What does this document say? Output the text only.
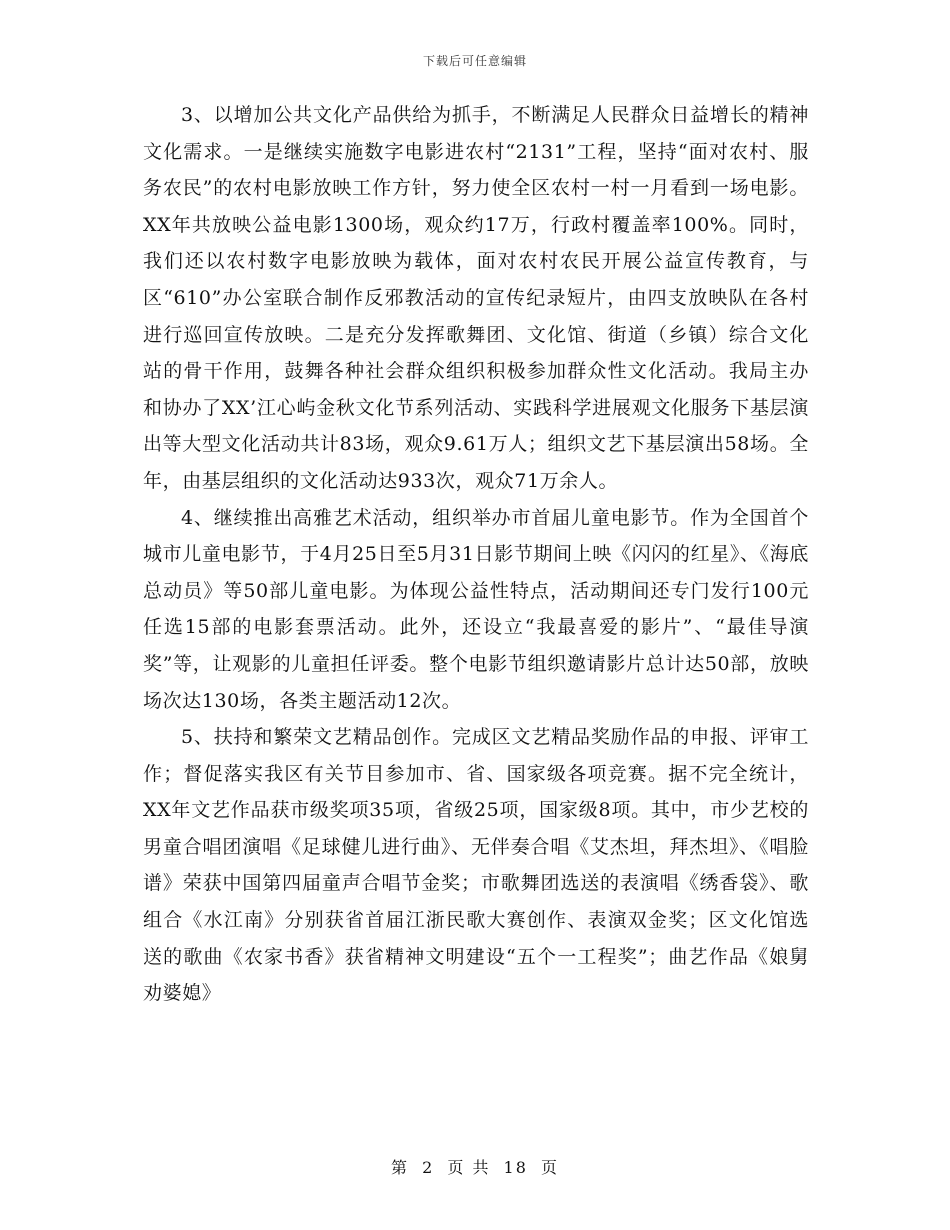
下载后可任意编辑

3、以增加公共文化产品供给为抓手，不断满足人民群众日益增长的精神文化需求。一是继续实施数字电影进农村“2131”工程，坚持“面对农村、服务农民”的农村电影放映工作方针，努力使全区农村一村一月看到一场电影。XX年共放映公益电影1300场，观众约17万，行政村覆盖率100%。同时，我们还以农村数字电影放映为载体，面对农村农民开展公益宣传教育，与区“610”办公室联合制作反邪教活动的宣传纪录短片，由四支放映队在各村进行巡回宣传放映。二是充分发挥歌舞团、文化馆、街道（乡镇）综合文化站的骨干作用，鼓舞各种社会群众组织积极参加群众性文化活动。我局主办和协办了XX’江心屿金秋文化节系列活动、实践科学进展观文化服务下基层演出等大型文化活动共计83场，观众9.61万人；组织文艺下基层演出58场。全年，由基层组织的文化活动达933次，观众71万余人。

4、继续推出高雅艺术活动，组织举办市首届儿童电影节。作为全国首个城市儿童电影节，于4月25日至5月31日影节期间上映《闪闪的红星》、《海底总动员》等50部儿童电影。为体现公益性特点，活动期间还专门发行100元任选15部的电影套票活动。此外，还设立“我最喜爱的影片”、“最佳导演奖”等，让观影的儿童担任评委。整个电影节组织邀请影片总计达50部，放映场次达130场，各类主题活动12次。

5、扶持和繁荣文艺精品创作。完成区文艺精品奖励作品的申报、评审工作；督促落实我区有关节目参加市、省、国家级各项竞赛。据不完全统计，XX年文艺作品获市级奖项35项，省级25项，国家级8项。其中，市少艺校的男童合唱团演唱《足球健儿进行曲》、无伴奏合唱《艾杰坦，拜杰坦》、《唱脸谱》荣获中国第四届童声合唱节金奖；市歌舞团选送的表演唱《绣香袋》、歌组合《水江南》分别获省首届江浙民歌大赛创作、表演双金奖；区文化馆选送的歌曲《农家书香》获省精神文明建设“五个一工程奖”；曲艺作品《娘舅劝婆媳》

第 2 页 共 18 页
